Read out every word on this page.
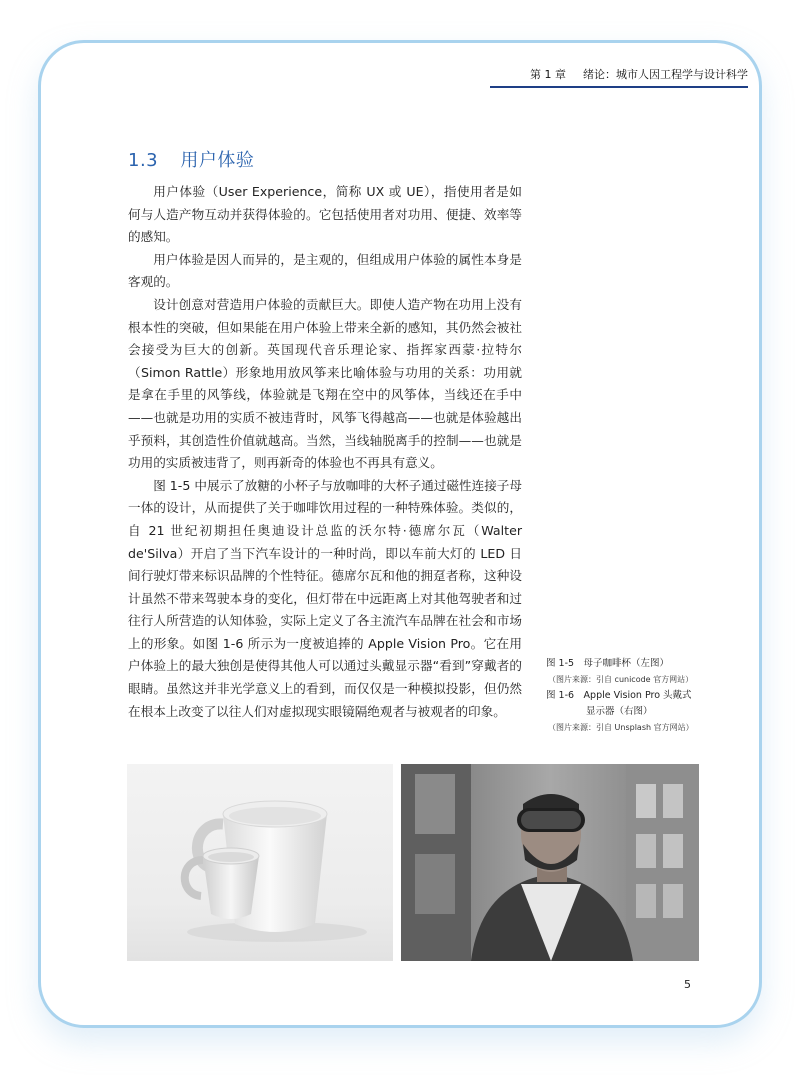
第 1 章 绪论：城市人因工程学与设计科学
1.3 用户体验

用户体验（User Experience，简称 UX 或 UE），指使用者是如何与人造产物互动并获得体验的。它包括使用者对功用、便捷、效率等的感知。

用户体验是因人而异的，是主观的，但组成用户体验的属性本身是客观的。

设计创意对营造用户体验的贡献巨大。即使人造产物在功用上没有根本性的突破，但如果能在用户体验上带来全新的感知，其仍然会被社会接受为巨大的创新。英国现代音乐理论家、指挥家西蒙·拉特尔（Simon Rattle）形象地用放风筝来比喻体验与功用的关系：功用就是拿在手里的风筝线，体验就是飞翔在空中的风筝体，当线还在手中——也就是功用的实质不被违背时，风筝飞得越高——也就是体验越出乎预料，其创造性价值就越高。当然，当线轴脱离手的控制——也就是功用的实质被违背了，则再新奇的体验也不再具有意义。

图 1-5 中展示了放糖的小杯子与放咖啡的大杯子通过磁性连接子母一体的设计，从而提供了关于咖啡饮用过程的一种特殊体验。类似的，自 21 世纪初期担任奥迪设计总监的沃尔特·德席尔瓦（Walter de'Silva）开启了当下汽车设计的一种时尚，即以车前大灯的 LED 日间行驶灯带来标识品牌的个性特征。德席尔瓦和他的拥趸者称，这种设计虽然不带来驾驶本身的变化，但灯带在中远距离上对其他驾驶者和过往行人所营造的认知体验，实际上定义了各主流汽车品牌在社会和市场上的形象。如图 1-6 所示为一度被追捧的 Apple Vision Pro。它在用户体验上的最大独创是使得其他人可以通过头戴显示器“看到”穿戴者的眼睛。虽然这并非光学意义上的看到，而仅仅是一种模拟投影，但仍然在根本上改变了以往人们对虚拟现实眼镜隔绝观者与被观者的印象。

图 1-5　母子咖啡杯（左图）
（图片来源：引自 cunicode 官方网站）
图 1-6　Apple Vision Pro 头戴式
显示器（右图）
（图片来源：引自 Unsplash 官方网站）
5
